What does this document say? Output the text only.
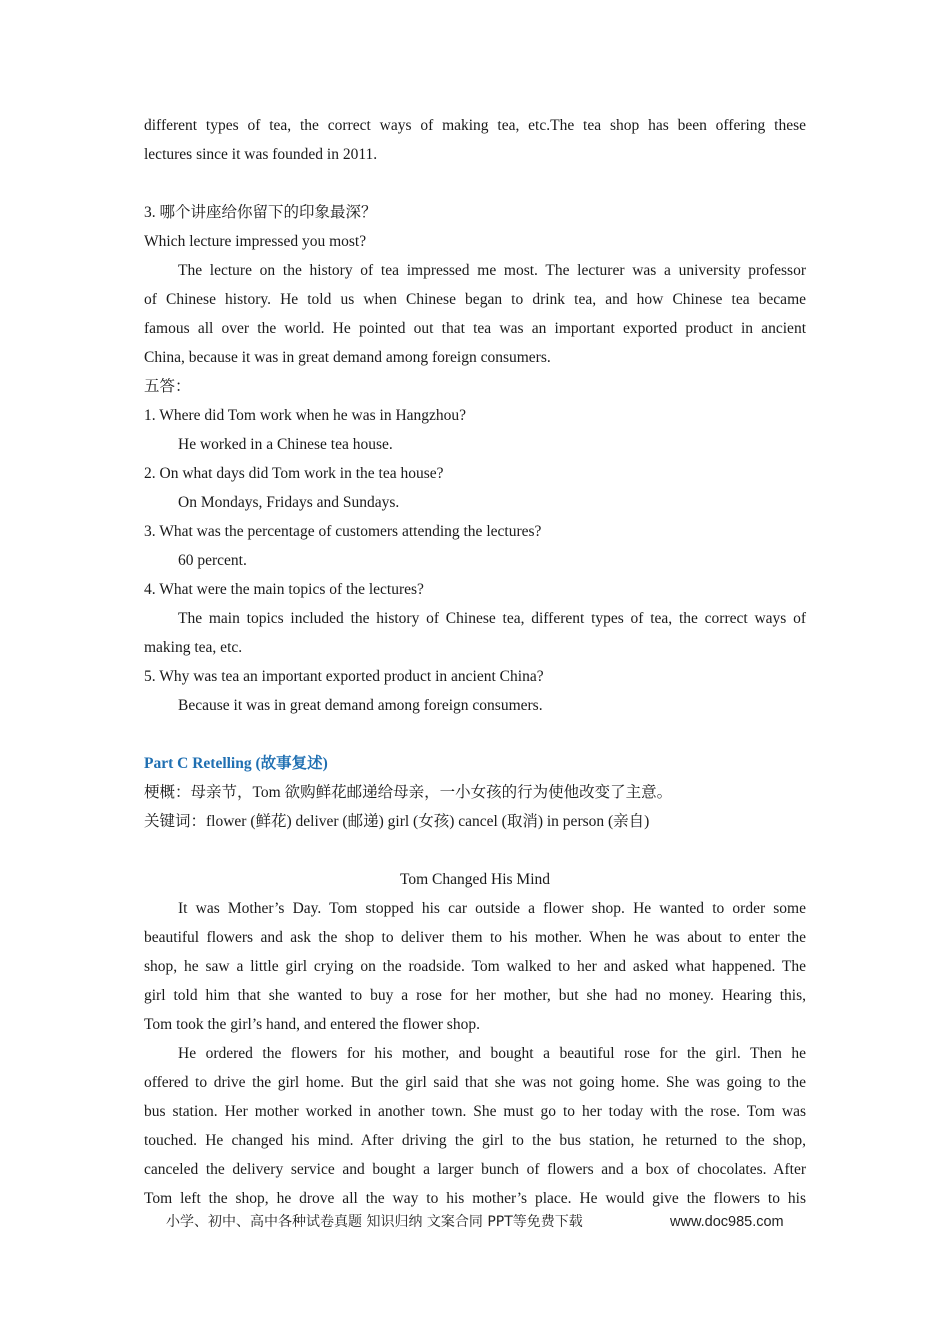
different types of tea, the correct ways of making tea, etc.The tea shop has been offering these
lectures since it was founded in 2011.
3. 哪个讲座给你留下的印象最深？
Which lecture impressed you most?
The lecture on the history of tea impressed me most. The lecturer was a university professor
of Chinese history. He told us when Chinese began to drink tea, and how Chinese tea became
famous all over the world. He pointed out that tea was an important exported product in ancient
China, because it was in great demand among foreign consumers.
五答：
1. Where did Tom work when he was in Hangzhou?
He worked in a Chinese tea house.
2. On what days did Tom work in the tea house?
On Mondays, Fridays and Sundays.
3. What was the percentage of customers attending the lectures?
60 percent.
4. What were the main topics of the lectures?
The main topics included the history of Chinese tea, different types of tea, the correct ways of
making tea, etc.
5. Why was tea an important exported product in ancient China?
Because it was in great demand among foreign consumers.
Part C Retelling (故事复述)
梗概：母亲节，Tom 欲购鲜花邮递给母亲，一小女孩的行为使他改变了主意。
关键词：flower (鲜花) deliver (邮递) girl (女孩) cancel (取消) in person (亲自)
Tom Changed His Mind
It was Mother’s Day. Tom stopped his car outside a flower shop. He wanted to order some
beautiful flowers and ask the shop to deliver them to his mother. When he was about to enter the
shop, he saw a little girl crying on the roadside. Tom walked to her and asked what happened. The
girl told him that she wanted to buy a rose for her mother, but she had no money. Hearing this,
Tom took the girl’s hand, and entered the flower shop.
He ordered the flowers for his mother, and bought a beautiful rose for the girl. Then he
offered to drive the girl home. But the girl said that she was not going home. She was going to the
bus station. Her mother worked in another town. She must go to her today with the rose. Tom was
touched. He changed his mind. After driving the girl to the bus station, he returned to the shop,
canceled the delivery service and bought a larger bunch of flowers and a box of chocolates. After
Tom left the shop, he drove all the way to his mother’s place. He would give the flowers to his
小学、初中、高中各种试卷真题 知识归纳 文案合同 PPT等免费下载	www.doc985.com
